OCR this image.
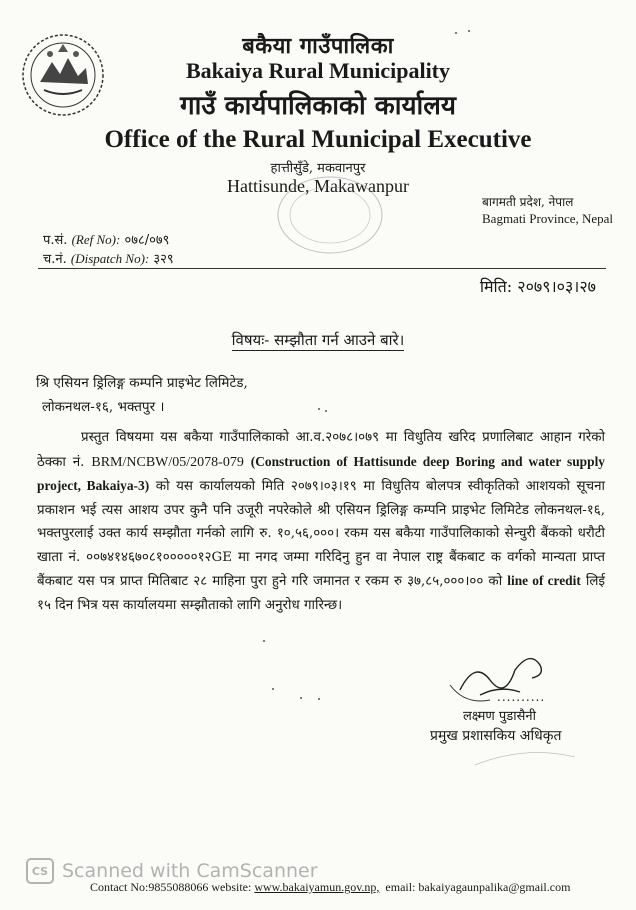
बकैया गाउँपालिका
Bakaiya Rural Municipality
गाउँ कार्यपालिकाको कार्यालय
Office of the Rural Municipal Executive
हात्तीसुँडे, मकवानपुर
Hattisunde, Makawanpur
बागमती प्रदेश, नेपाल
Bagmati Province, Nepal
प.सं. (Ref No): ०७८/०७९
च.नं. (Dispatch No): ३२९
मिति: २०७९।०३।२७
विषयः- सम्झौता गर्न आउने बारे।
श्रि एसियन ड्रिलिङ्ग कम्पनि प्राइभेट लिमिटेड,
लोकनथल-१६, भक्तपुर ।

प्रस्तुत विषयमा यस बकैया गाउँपालिकाको आ.व.२०७८।०७९ मा विधुतिय खरिद प्रणालिबाट आहान गरेको ठेक्का नं. BRM/NCBW/05/2078-079 (Construction of Hattisunde deep Boring and water supply project, Bakaiya-3) को यस कार्यालयको मिति २०७९।०३।१९ मा विधुतिय बोलपत्र स्वीकृतिको आशयको सूचना प्रकाशन भई त्यस आशय उपर कुनै पनि उजूरी नपरेकोले श्री एसियन ड्रिलिङ्ग कम्पनि प्राइभेट लिमिटेड लोकनथल-१६, भक्तपुरलाई उक्त कार्य सम्झौता गर्नको लागि रु. १०,५६,०००। रकम यस बकैया गाउँपालिकाको सेन्चुरी बैंकको धरौटी खाता नं. ००७४१४६७०८१०००००१२GE मा नगद जम्मा गरिदिनु हुन वा नेपाल राष्ट्र बैंकबाट क वर्गको मान्यता प्राप्त बैंकबाट यस पत्र प्राप्त मितिबाट २८ माहिना पुरा हुने गरि जमानत र रकम रु ३७,८५,०००।०० को line of credit लिई १५ दिन भित्र यस कार्यालयमा सम्झौताको लागि अनुरोध गारिन्छ।

..........
लक्ष्मण पुडासैनी
प्रमुख प्रशासकिय अधिकृत
CS Scanned with CamScanner
Contact No:9855088066 website: www.bakaiyamun.gov.np, email: bakaiyagaunpalika@gmail.com
